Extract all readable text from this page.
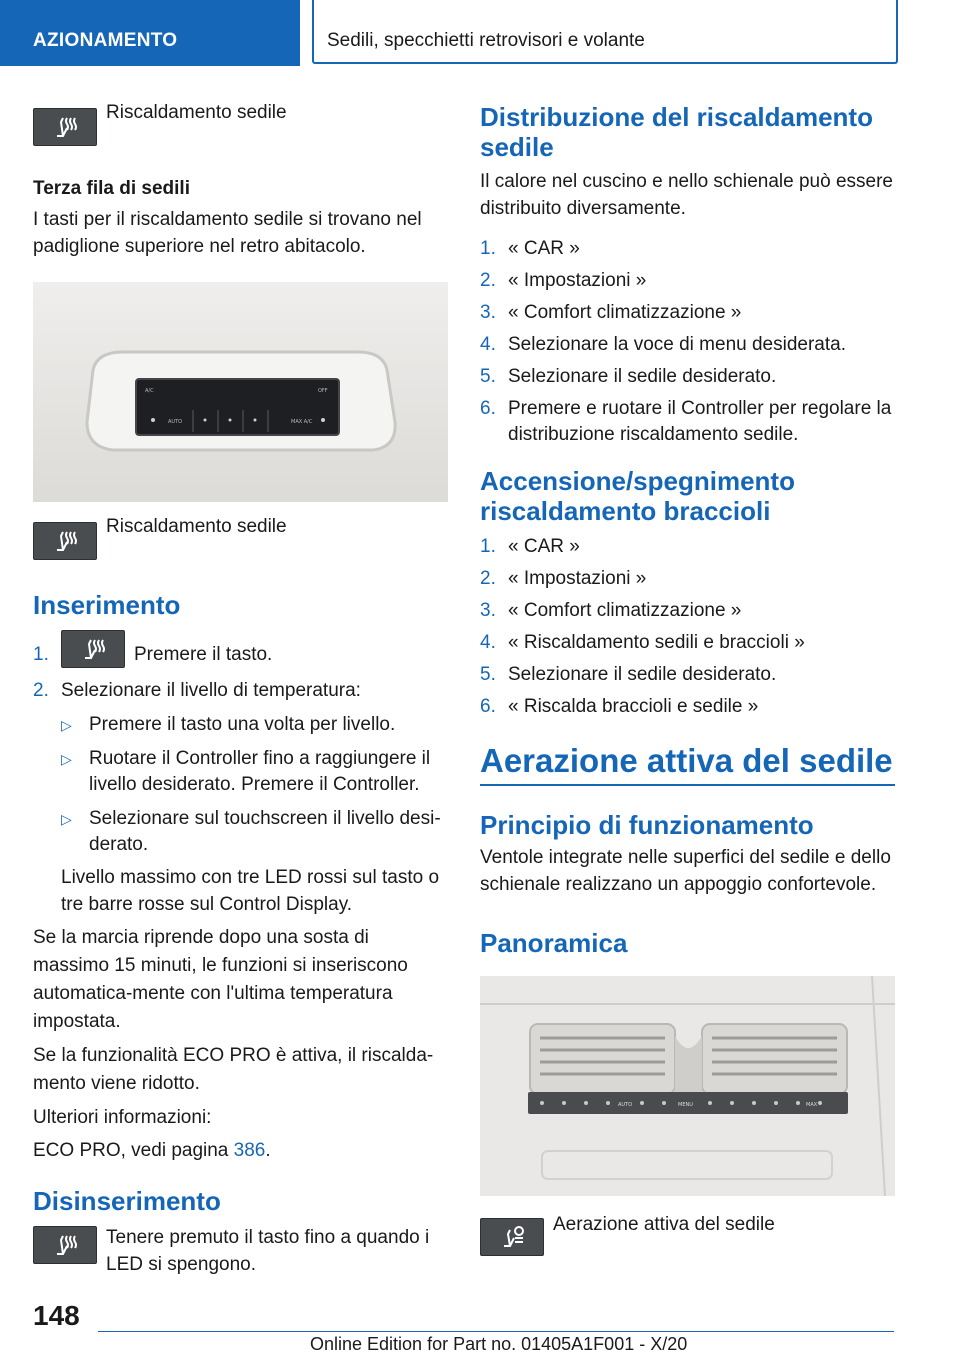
AZIONAMENTO	Sedili, specchietti retrovisori e volante
Riscaldamento sedile

Terza fila di sedili

I tasti per il riscaldamento sedile si trovano nel padiglione superiore nel retro abitacolo.

A/C	OFF
AUTO	MAX A/C
Riscaldamento sedile

Inserimento

1.	Premere il tasto.
2. Selezionare il livello di temperatura:
▷ Premere il tasto una volta per livello.
▷ Ruotare il Controller fino a raggiungere il livello desiderato. Premere il Controller.
▷ Selezionare sul touchscreen il livello desi-derato.

Livello massimo con tre LED rossi sul tasto o tre barre rosse sul Control Display.

Se la marcia riprende dopo una sosta di massimo 15 minuti, le funzioni si inseriscono automatica-mente con l'ultima temperatura impostata.

Se la funzionalità ECO PRO è attiva, il riscalda-mento viene ridotto.

Ulteriori informazioni:

ECO PRO, vedi pagina 386.

Disinserimento

Tenere premuto il tasto fino a quando i LED si spengono.

Distribuzione del riscaldamento sedile

Il calore nel cuscino e nello schienale può essere distribuito diversamente.

1. « CAR »
2. « Impostazioni »
3. « Comfort climatizzazione »
4. Selezionare la voce di menu desiderata.
5. Selezionare il sedile desiderato.
6. Premere e ruotare il Controller per regolare la distribuzione riscaldamento sedile.

Accensione/spegnimento riscaldamento braccioli

1. « CAR »
2. « Impostazioni »
3. « Comfort climatizzazione »
4. « Riscaldamento sedili e braccioli »
5. Selezionare il sedile desiderato.
6. « Riscalda braccioli e sedile »

Aerazione attiva del sedile

Principio di funzionamento

Ventole integrate nelle superfici del sedile e dello schienale realizzano un appoggio confortevole.

Panoramica

AUTO	MENU	MAX
Aerazione attiva del sedile
148
Online Edition for Part no. 01405A1F001 - X/20
